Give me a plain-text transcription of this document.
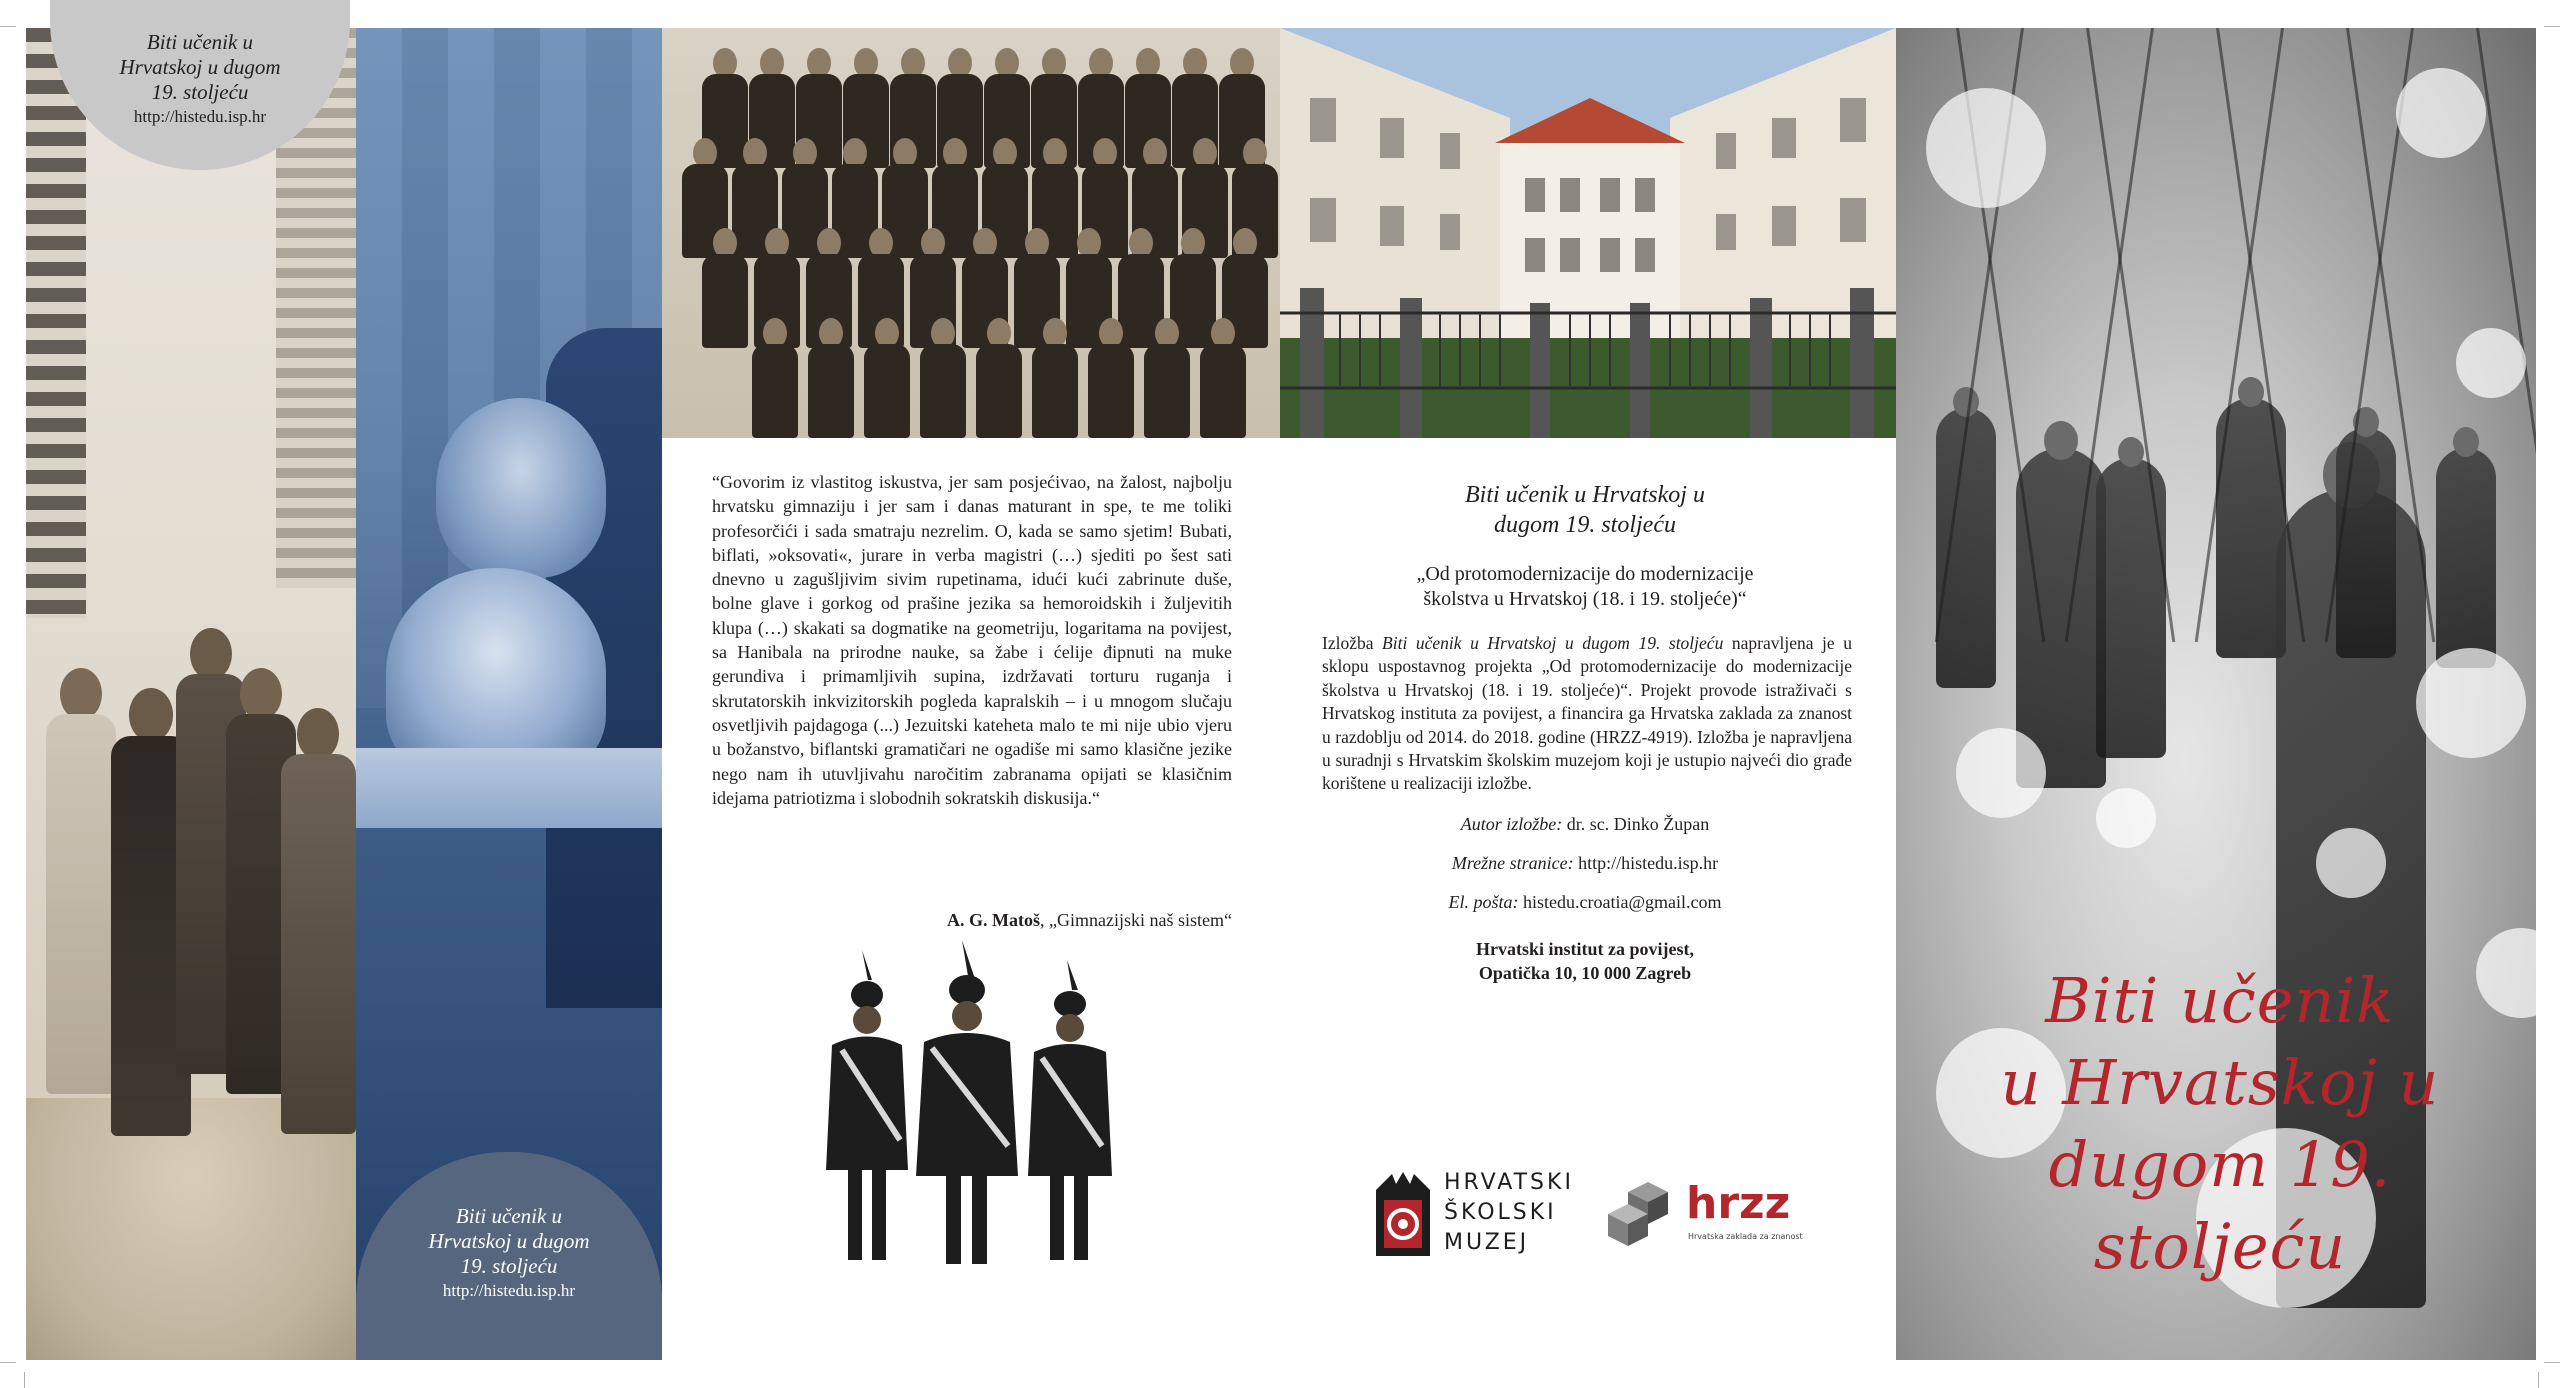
Biti učenik u
Hrvatskoj u dugom
19. stoljeću
http://histedu.isp.hr
Biti učenik u
Hrvatskoj u dugom
19. stoljeću
http://histedu.isp.hr
“Govorim iz vlastitog iskustva, jer sam posjećivao, na žalost, najbolju hrvatsku gimnaziju i jer sam i danas maturant in spe, te me toliki profesorčići i sada smatraju nezrelim. O, kada se samo sjetim! Bubati, biflati, »oksovati«, jurare in verba magistri (…) sjediti po šest sati dnevno u zagušljivim sivim rupetinama, idući kući zabrinute duše, bolne glave i gorkog od prašine jezika sa hemoroidskih i žuljevitih klupa (…) skakati sa dogmatike na geometriju, logaritama na povijest, sa Hanibala na prirodne nauke, sa žabe i ćelije đipnuti na muke gerundiva i primamljivih supina, izdržavati torturu ruganja i skrutatorskih inkvizitorskih pogleda kapralskih – i u mnogom slučaju osvetljivih pajdagoga (...) Jezuitski kateheta malo te mi nije ubio vjeru u božanstvo, biflantski gramatičari ne ogadiše mi samo klasične jezike nego nam ih utuvljivahu naročitim zabranama opijati se klasičnim idejama patriotizma i slobodnih sokratskih diskusija.“
A. G. Matoš, „Gimnazijski naš sistem“
Biti učenik u Hrvatskoj u
dugom 19. stoljeću
„Od protomodernizacije do modernizacije
školstva u Hrvatskoj (18. i 19. stoljeće)“
Izložba Biti učenik u Hrvatskoj u dugom 19. stoljeću napravljena je u sklopu uspostavnog projekta „Od protomodernizacije do modernizacije školstva u Hrvatskoj (18. i 19. stoljeće)“. Projekt provode istraživači s Hrvatskog instituta za povijest, a financira ga Hrvatska zaklada za znanost u razdoblju od 2014. do 2018. godine (HRZZ-4919). Izložba je napravljena u suradnji s Hrvatskim školskim muzejom koji je ustupio najveći dio građe korištene u realizaciji izložbe.
Autor izložbe: dr. sc. Dinko Župan
Mrežne stranice: http://histedu.isp.hr
El. pošta: histedu.croatia@gmail.com
Hrvatski institut za povijest,
Opatička 10, 10 000 Zagreb
HRVATSKI
ŠKOLSKI
MUZEJ
hrzz
Hrvatska zaklada za znanost
Biti učenik
u Hrvatskoj u
dugom 19. stoljeću
